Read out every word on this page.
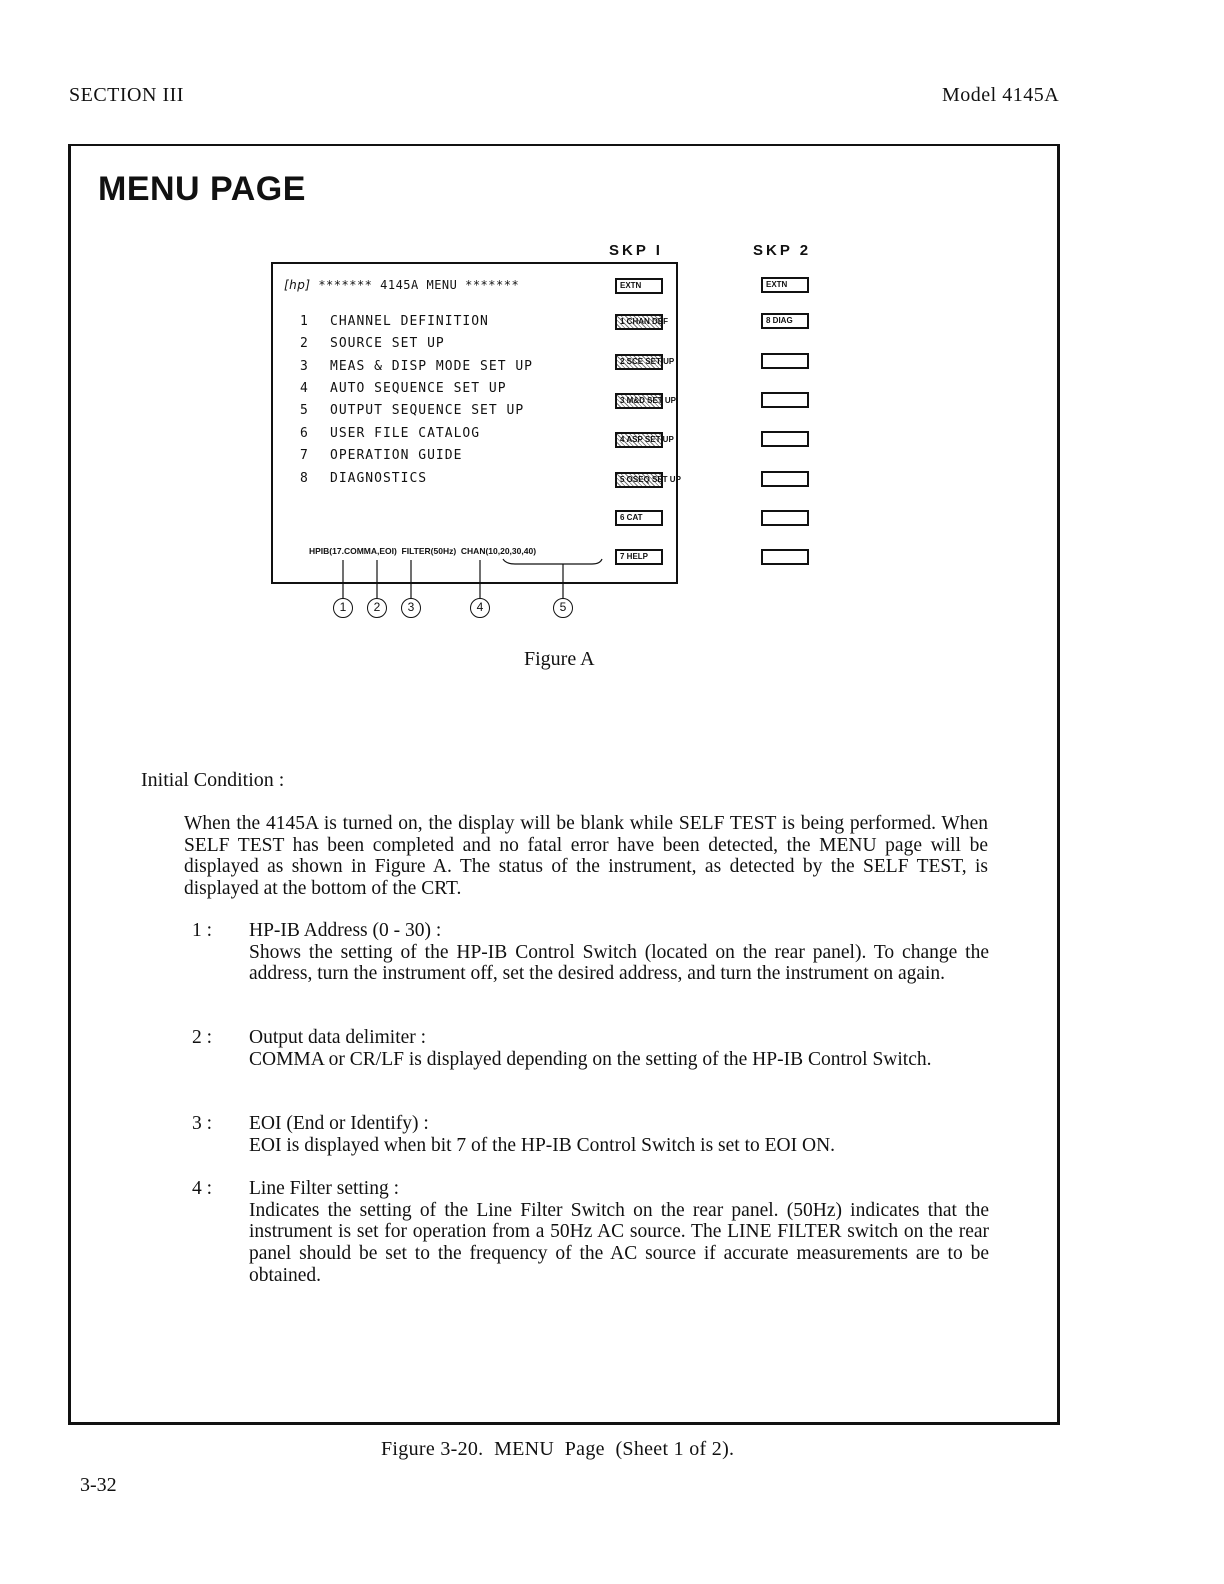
SECTION III	Model 4145A
MENU PAGE
SKP I	SKP 2
[hp] ******* 4145A MENU *******
1 CHANNEL DEFINITION
2 SOURCE SET UP
3 MEAS & DISP MODE SET UP
4 AUTO SEQUENCE SET UP
5 OUTPUT SEQUENCE SET UP
6 USER FILE CATALOG
7 OPERATION GUIDE
8 DIAGNOSTICS
EXTN
1 CHAN DEF
2 SCE SET UP
3 M&D SET UP
4 ASP SET UP
5 OSEQ SET UP
6 CAT
7 HELP
EXTN
8 DIAG
HPIB(17.COMMA,EOI)  FILTER(50Hz)  CHAN(10,20,30,40)
1	2	3	4	5
Figure A
Initial Condition :
When the 4145A is turned on, the display will be blank while SELF TEST is being performed. When SELF TEST has been completed and no fatal error have been detected, the MENU page will be displayed as shown in Figure A. The status of the instrument, as detected by the SELF TEST, is displayed at the bottom of the CRT.
1 : HP-IB Address (0 - 30) :
Shows the setting of the HP-IB Control Switch (located on the rear panel). To change the address, turn the instrument off, set the desired address, and turn the instrument on again.
2 : Output data delimiter :
COMMA or CR/LF is displayed depending on the setting of the HP-IB Control Switch.
3 : EOI (End or Identify) :
EOI is displayed when bit 7 of the HP-IB Control Switch is set to EOI ON.
4 : Line Filter setting :
Indicates the setting of the Line Filter Switch on the rear panel. (50Hz) indicates that the instrument is set for operation from a 50Hz AC source. The LINE FILTER switch on the rear panel should be set to the frequency of the AC source if accurate measurements are to be obtained.
Figure 3-20.  MENU  Page  (Sheet 1 of 2).
3-32
